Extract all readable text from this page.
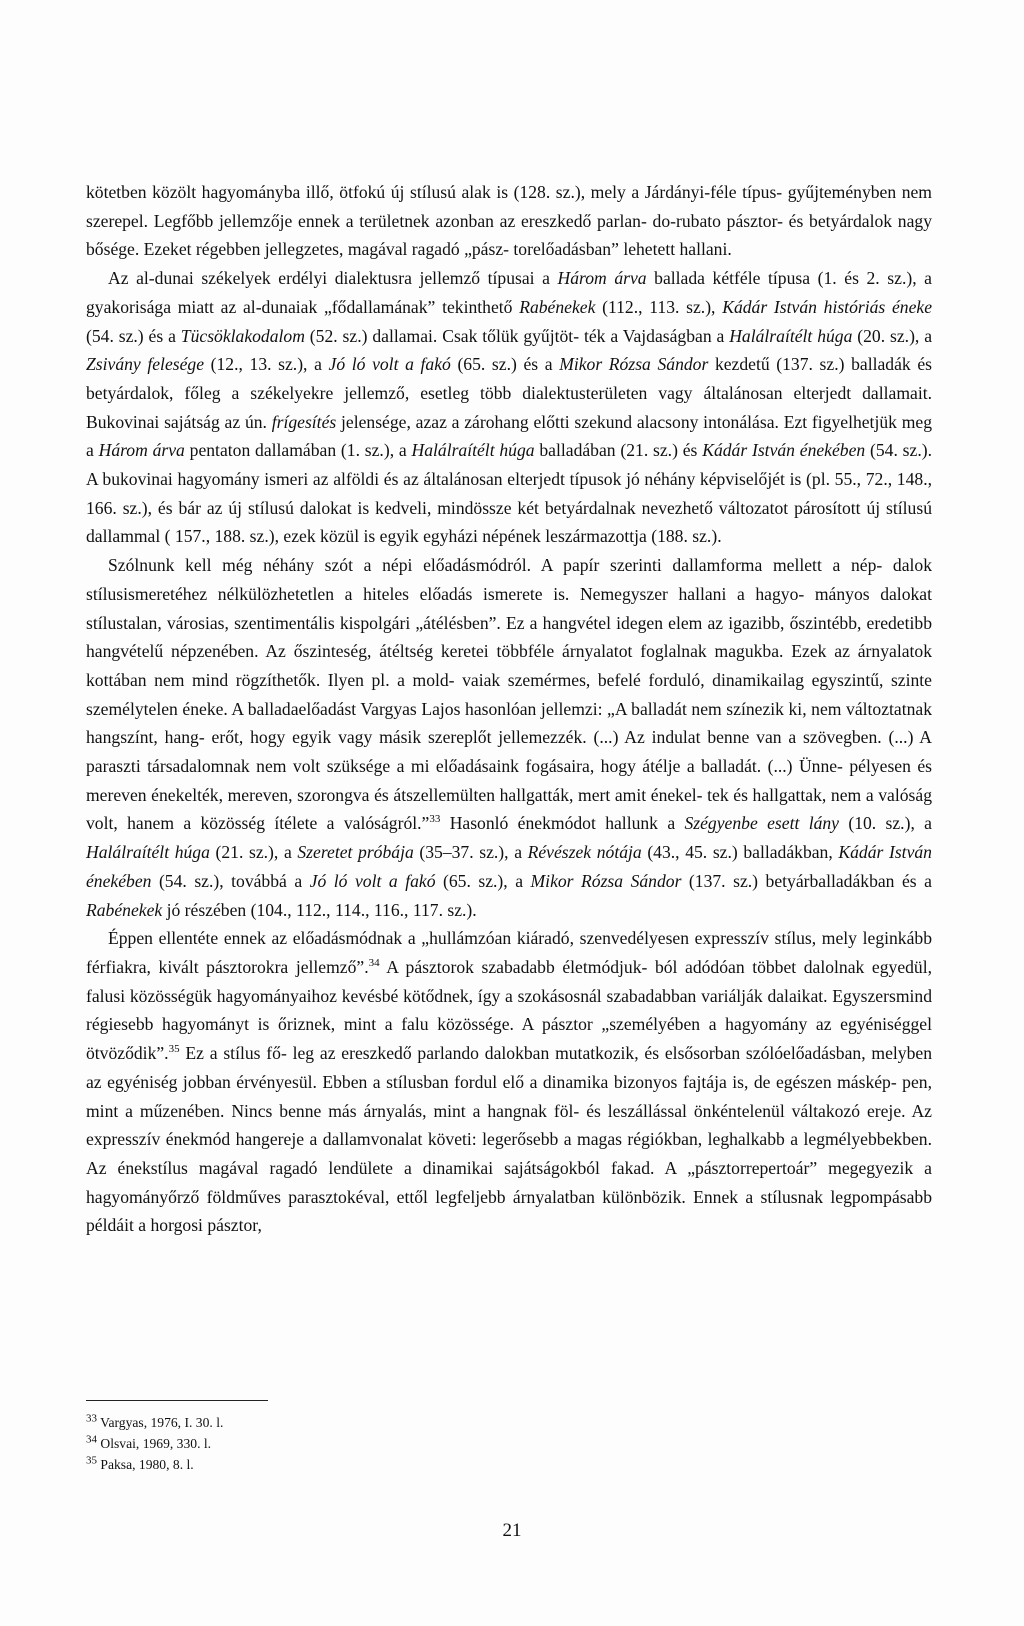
kötetben közölt hagyományba illő, ötfokú új stílusú alak is (128. sz.), mely a Járdányi-féle típus- gyűjteményben nem szerepel. Legfőbb jellemzője ennek a területnek azonban az ereszkedő parlan- do-rubato pásztor- és betyárdalok nagy bősége. Ezeket régebben jellegzetes, magával ragadó „pász- torelőadásban” lehetett hallani.

Az al-dunai székelyek erdélyi dialektusra jellemző típusai a Három árva ballada kétféle típusa (1. és 2. sz.), a gyakorisága miatt az al-dunaiak „fődallamának” tekinthető Rabénekek (112., 113. sz.), Kádár István históriás éneke (54. sz.) és a Tücsöklakodalom (52. sz.) dallamai. Csak tőlük gyűjtöt- ték a Vajdaságban a Halálraítélt húga (20. sz.), a Zsivány felesége (12., 13. sz.), a Jó ló volt a fakó (65. sz.) és a Mikor Rózsa Sándor kezdetű (137. sz.) balladák és betyárdalok, főleg a székelyekre jellemző, esetleg több dialektusterületen vagy általánosan elterjedt dallamait. Bukovinai sajátság az ún. frígesítés jelensége, azaz a zárohang előtti szekund alacsony intonálása. Ezt figyelhetjük meg a Három árva pentaton dallamában (1. sz.), a Halálraítélt húga balladában (21. sz.) és Kádár István énekében (54. sz.). A bukovinai hagyomány ismeri az alföldi és az általánosan elterjedt típusok jó néhány képviselőjét is (pl. 55., 72., 148., 166. sz.), és bár az új stílusú dalokat is kedveli, mindössze két betyárdalnak nevezhető változatot párosított új stílusú dallammal ( 157., 188. sz.), ezek közül is egyik egyházi népének leszármazottja (188. sz.).

Szólnunk kell még néhány szót a népi előadásmódról. A papír szerinti dallamforma mellett a nép- dalok stílusismeretéhez nélkülözhetetlen a hiteles előadás ismerete is. Nemegyszer hallani a hagyo- mányos dalokat stílustalan, városias, szentimentális kispolgári „átélésben”. Ez a hangvétel idegen elem az igazibb, őszintébb, eredetibb hangvételű népzenében. Az őszinteség, átéltség keretei többféle árnyalatot foglalnak magukba. Ezek az árnyalatok kottában nem mind rögzíthetők. Ilyen pl. a mold- vaiak szemérmes, befelé forduló, dinamikailag egyszintű, szinte személytelen éneke. A balladaelőadást Vargyas Lajos hasonlóan jellemzi: „A balladát nem színezik ki, nem változtatnak hangszínt, hang- erőt, hogy egyik vagy másik szereplőt jellemezzék. (...) Az indulat benne van a szövegben. (...) A paraszti társadalomnak nem volt szüksége a mi előadásaink fogásaira, hogy átélje a balladát. (...) Ünne- pélyesen és mereven énekelték, mereven, szorongva és átszellemülten hallgatták, mert amit énekel- tek és hallgattak, nem a valóság volt, hanem a közösség ítélete a valóságról.”$^{33}$ Hasonló énekmódot hallunk a Szégyenbe esett lány (10. sz.), a Halálraítélt húga (21. sz.), a Szeretet próbája (35–37. sz.), a Révészek nótája (43., 45. sz.) balladákban, Kádár István énekében (54. sz.), továbbá a Jó ló volt a fakó (65. sz.), a Mikor Rózsa Sándor (137. sz.) betyárballadákban és a Rabénekek jó részében (104., 112., 114., 116., 117. sz.).

Éppen ellentéte ennek az előadásmódnak a „hullámzóan kiáradó, szenvedélyesen expresszív stílus, mely leginkább férfiakra, kivált pásztorokra jellemző”.$^{34}$ A pásztorok szabadabb életmódjuk- ból adódóan többet dalolnak egyedül, falusi közösségük hagyományaihoz kevésbé kötődnek, így a szokásosnál szabadabban variálják dalaikat. Egyszersmind régiesebb hagyományt is őriznek, mint a falu közössége. A pásztor „személyében a hagyomány az egyéniséggel ötvöződik”.$^{35}$ Ez a stílus fő- leg az ereszkedő parlando dalokban mutatkozik, és elsősorban szólóelőadásban, melyben az egyéniség jobban érvényesül. Ebben a stílusban fordul elő a dinamika bizonyos fajtája is, de egészen máskép- pen, mint a műzenében. Nincs benne más árnyalás, mint a hangnak föl- és leszállással önkéntelenül váltakozó ereje. Az expresszív énekmód hangereje a dallamvonalat követi: legerősebb a magas régiókban, leghalkabb a legmélyebbekben. Az énekstílus magával ragadó lendülete a dinamikai sajátságokból fakad. A „pásztorrepertoár” megegyezik a hagyományőrző földműves parasztokéval, ettől legfeljebb árnyalatban különbözik. Ennek a stílusnak legpompásabb példáit a horgosi pásztor,

$^{33}$ Vargyas, 1976, I. 30. l.

$^{34}$ Olsvai, 1969, 330. l.

$^{35}$ Paksa, 1980, 8. l.

21
